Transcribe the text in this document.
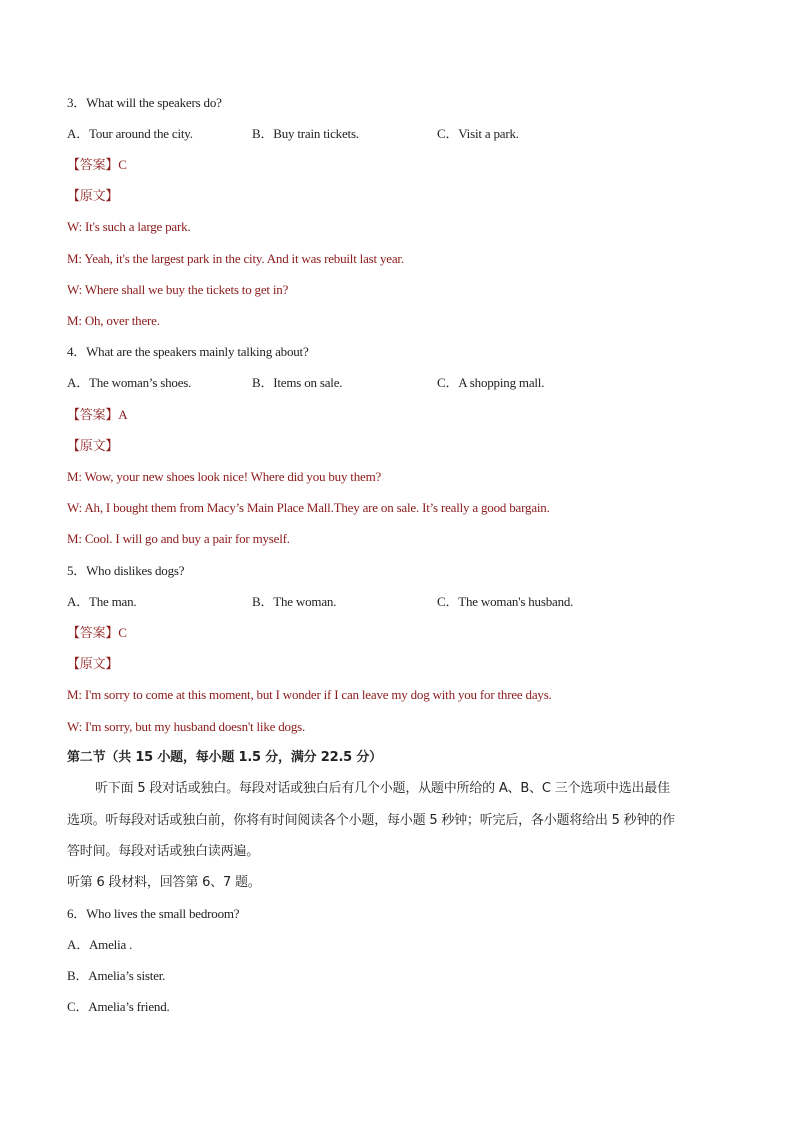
3．What will the speakers do?
A．Tour around the city.	B．Buy train tickets.	C．Visit a park.
【答案】C
【原文】
W: It's such a large park.
M: Yeah, it's the largest park in the city. And it was rebuilt last year.
W: Where shall we buy the tickets to get in?
M: Oh, over there.
4．What are the speakers mainly talking about?
A．The woman’s shoes.	B．Items on sale.	C．A shopping mall.
【答案】A
【原文】
M: Wow, your new shoes look nice! Where did you buy them?
W: Ah, I bought them from Macy’s Main Place Mall.They are on sale. It’s really a good bargain.
M: Cool. I will go and buy a pair for myself.
5．Who dislikes dogs?
A．The man.	B．The woman.	C．The woman's husband.
【答案】C
【原文】
M: I'm sorry to come at this moment, but I wonder if I can leave my dog with you for three days.
W: I'm sorry, but my husband doesn't like dogs.
第二节（共 15 小题，每小题 1.5 分，满分 22.5 分）
听下面 5 段对话或独白。每段对话或独白后有几个小题，从题中所给的 A、B、C 三个选项中选出最佳
选项。听每段对话或独白前，你将有时间阅读各个小题，每小题 5 秒钟；听完后，各小题将给出 5 秒钟的作
答时间。每段对话或独白读两遍。
听第 6 段材料，回答第 6、7 题。
6．Who lives the small bedroom?
A．Amelia .
B．Amelia’s sister.
C．Amelia’s friend.
